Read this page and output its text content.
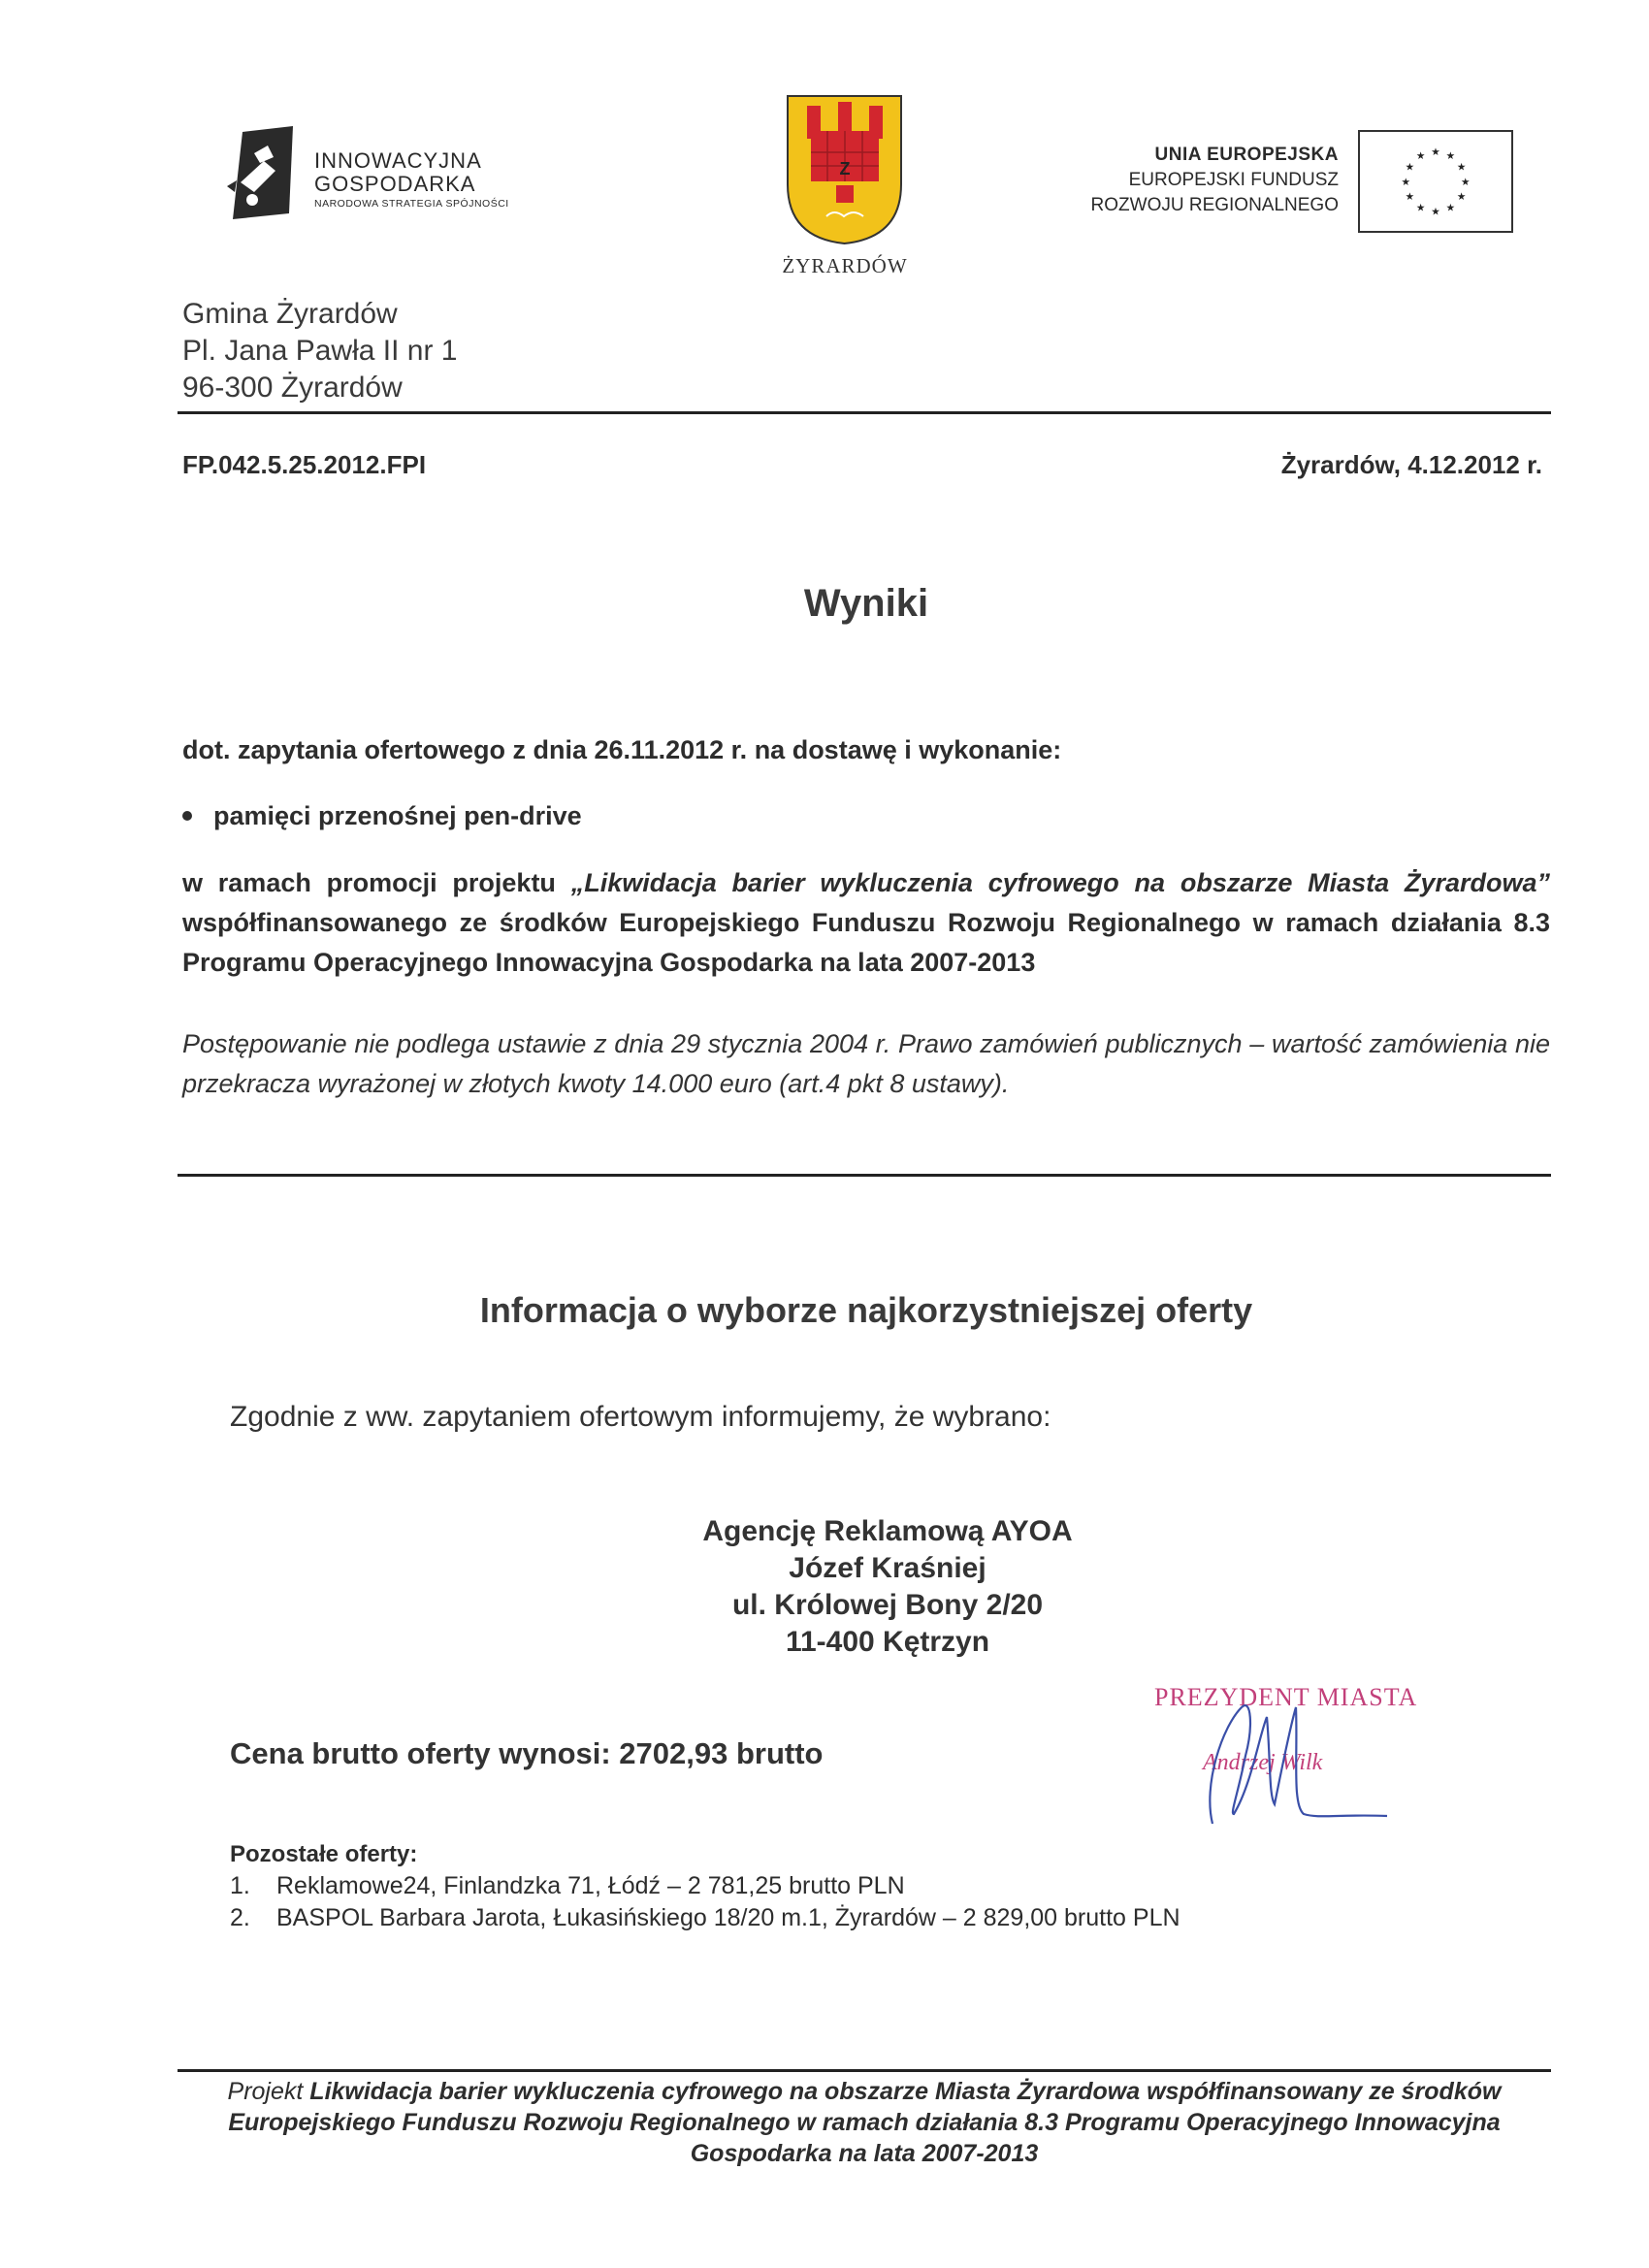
INNOWACYJNA
GOSPODARKA
NARODOWA STRATEGIA SPÓJNOŚCI
Z
ŻYRARDÓW
UNIA EUROPEJSKA
EUROPEJSKI FUNDUSZ
ROZWOJU REGIONALNEGO
★ ★
★
★
★
★
★
★
★
★
★
★
Gmina Żyrardów
Pl. Jana Pawła II nr 1
96-300 Żyrardów
FP.042.5.25.2012.FPI	Żyrardów, 4.12.2012 r.
Wyniki
dot. zapytania ofertowego z dnia 26.11.2012 r. na dostawę i wykonanie:
pamięci przenośnej pen-drive
w ramach promocji projektu „Likwidacja barier wykluczenia cyfrowego na obszarze Miasta Żyrardowa” współfinansowanego ze środków Europejskiego Funduszu Rozwoju Regionalnego w ramach działania 8.3 Programu Operacyjnego Innowacyjna Gospodarka na lata 2007-2013
Postępowanie nie podlega ustawie z dnia 29 stycznia 2004 r. Prawo zamówień publicznych – wartość zamówienia nie przekracza wyrażonej w złotych kwoty 14.000 euro (art.4 pkt 8 ustawy).
Informacja o wyborze najkorzystniejszej oferty
Zgodnie z ww. zapytaniem ofertowym informujemy, że wybrano:
Agencję Reklamową AYOA
Józef Kraśniej
ul. Królowej Bony 2/20
11-400 Kętrzyn
PREZYDENT MIASTA
Andrzej Wilk
Cena brutto oferty wynosi: 2702,93 brutto
Pozostałe oferty:
1. Reklamowe24, Finlandzka 71, Łódź – 2 781,25 brutto PLN
2. BASPOL Barbara Jarota, Łukasińskiego 18/20 m.1, Żyrardów – 2 829,00 brutto PLN
Projekt Likwidacja barier wykluczenia cyfrowego na obszarze Miasta Żyrardowa współfinansowany ze środków Europejskiego Funduszu Rozwoju Regionalnego w ramach działania 8.3 Programu Operacyjnego Innowacyjna Gospodarka na lata 2007-2013
